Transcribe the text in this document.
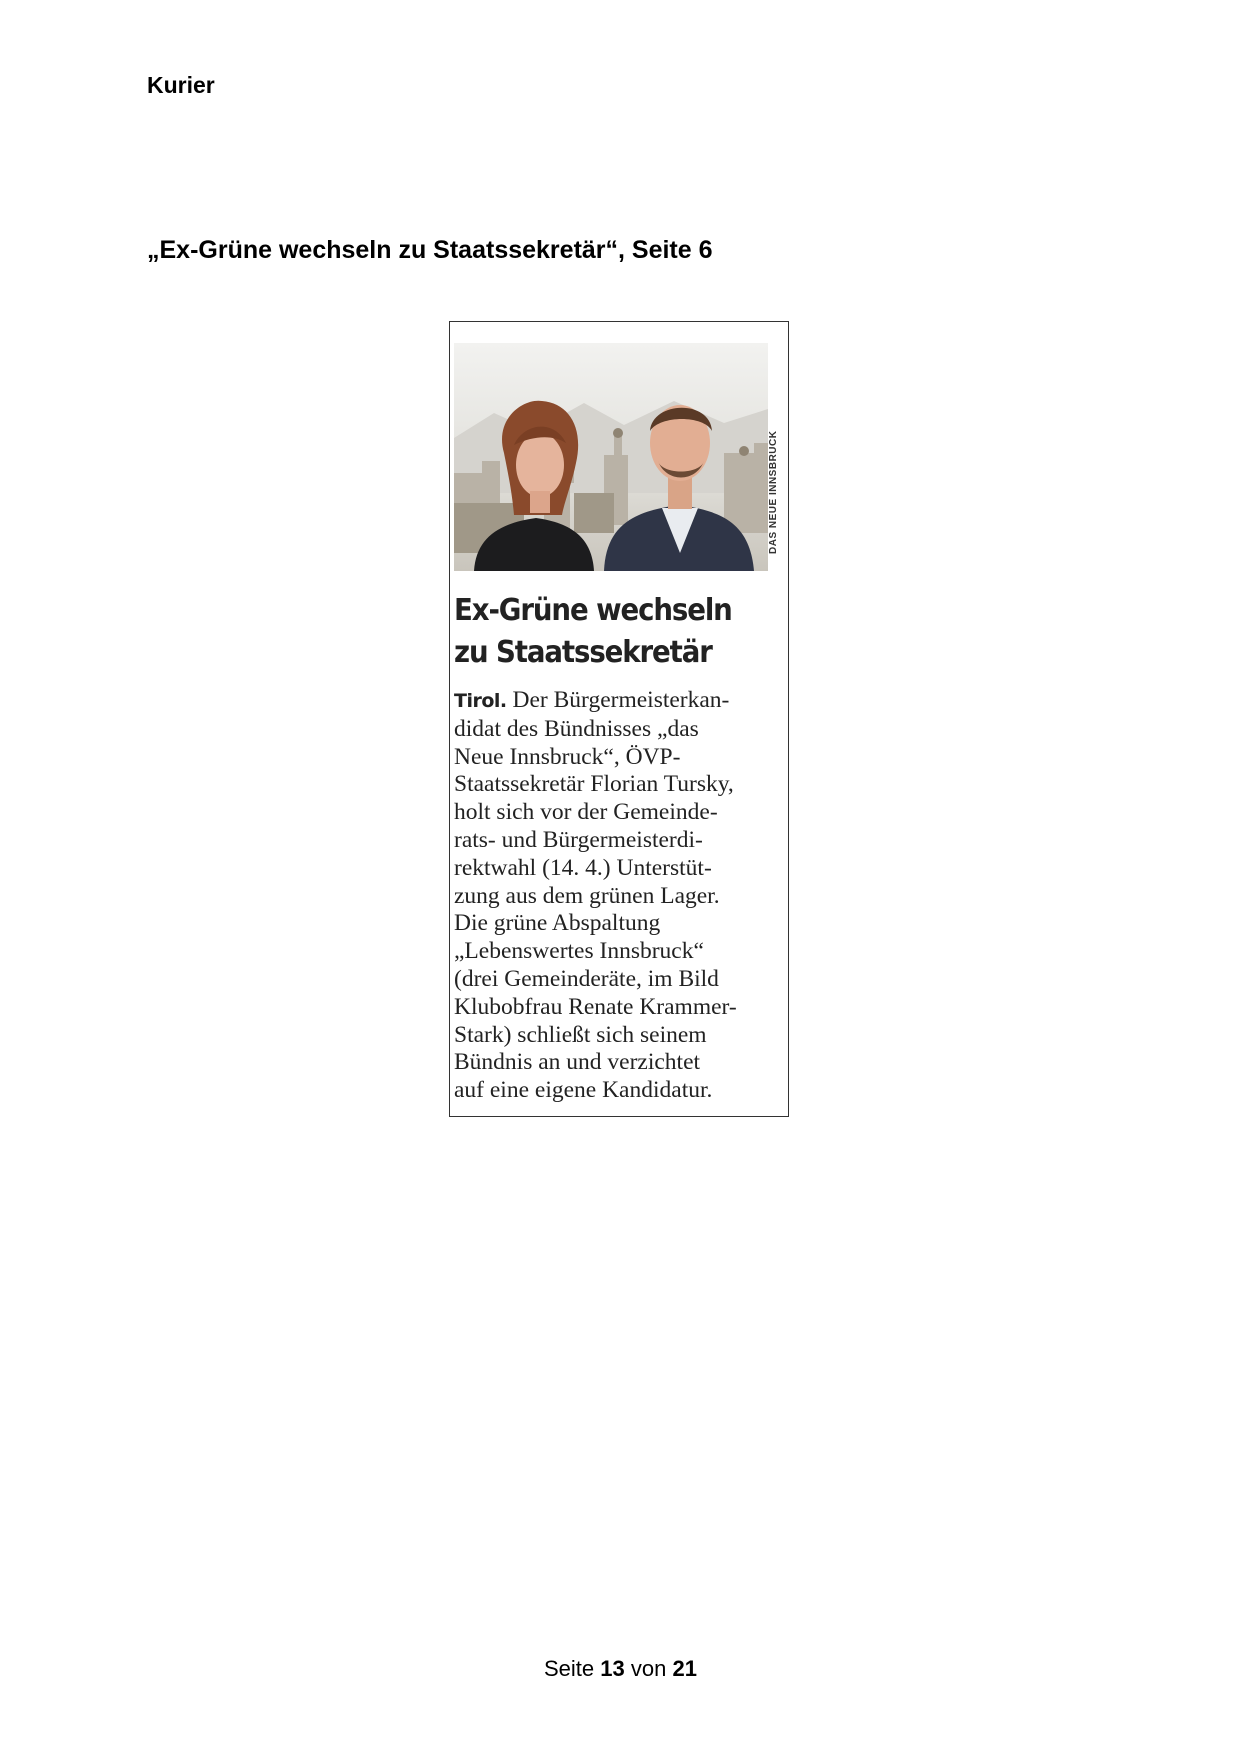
Kurier
„Ex-Grüne wechseln zu Staatssekretär“, Seite 6
DAS NEUE INNSBRUCK
Ex-Grüne wechseln
zu Staatssekretär
Tirol. Der Bürgermeisterkan-
didat des Bündnisses „das
Neue Innsbruck“, ÖVP-
Staatssekretär Florian Tursky,
holt sich vor der Gemeinde-
rats- und Bürgermeisterdi-
rektwahl (14. 4.) Unterstüt-
zung aus dem grünen Lager.
Die grüne Abspaltung
„Lebenswertes Innsbruck“
(drei Gemeinderäte, im Bild
Klubobfrau Renate Krammer-
Stark) schließt sich seinem
Bündnis an und verzichtet
auf eine eigene Kandidatur.
Seite 13 von 21
